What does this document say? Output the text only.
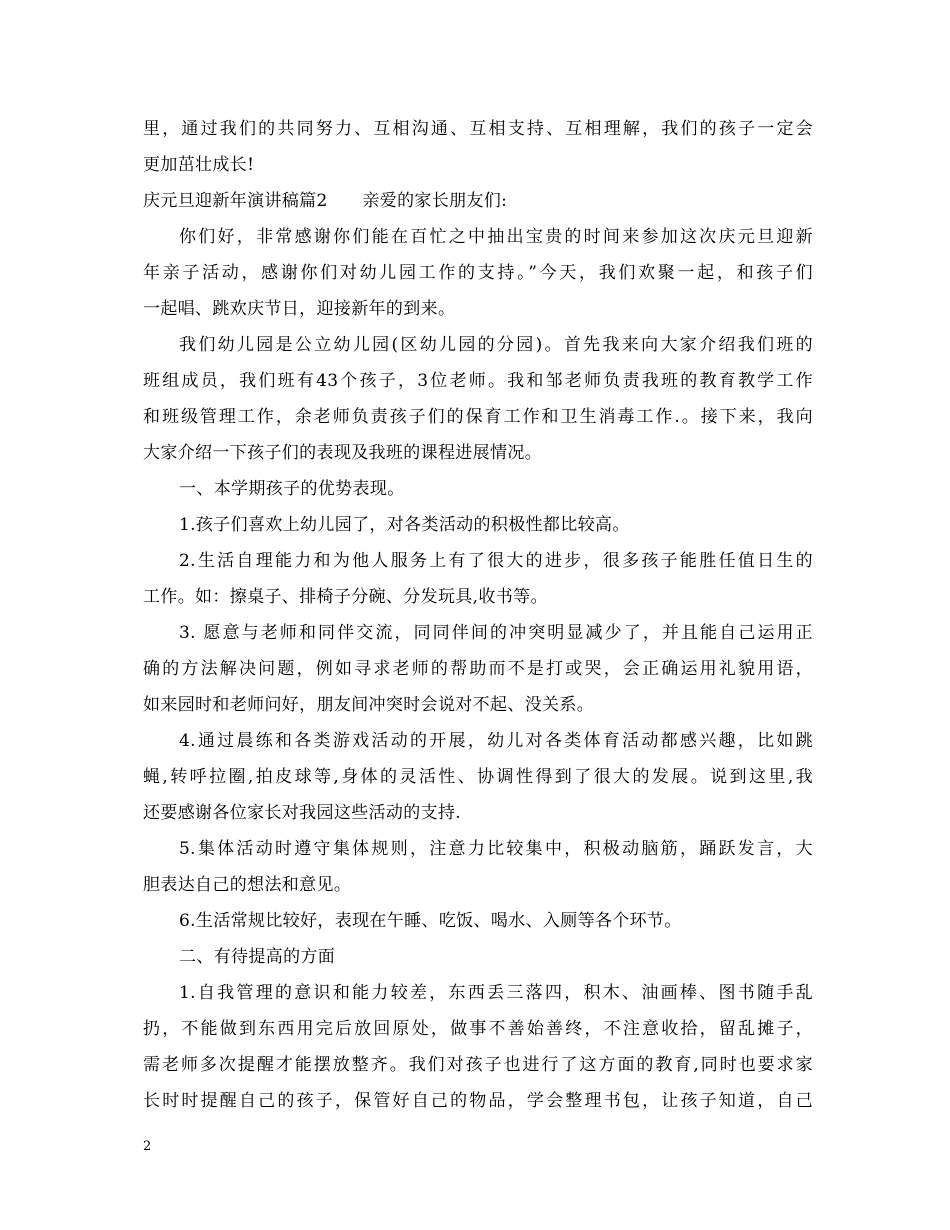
里，通过我们的共同努力、互相沟通、互相支持、互相理解，我们的孩子一定会
更加茁壮成长!
庆元旦迎新年演讲稿篇2　　亲爱的家长朋友们:
你们好，非常感谢你们能在百忙之中抽出宝贵的时间来参加这次庆元旦迎新
年亲子活动，感谢你们对幼儿园工作的支持。”今天，我们欢聚一起，和孩子们
一起唱、跳欢庆节日，迎接新年的到来。
我们幼儿园是公立幼儿园(区幼儿园的分园)。首先我来向大家介绍我们班的
班组成员，我们班有43个孩子，3位老师。我和邹老师负责我班的教育教学工作
和班级管理工作，余老师负责孩子们的保育工作和卫生消毒工作.。接下来，我向
大家介绍一下孩子们的表现及我班的课程进展情况。
一、本学期孩子的优势表现。
1.孩子们喜欢上幼儿园了，对各类活动的积极性都比较高。
2.生活自理能力和为他人服务上有了很大的进步，很多孩子能胜任值日生的
工作。如：擦桌子、排椅子分碗、分发玩具,收书等。
3. 愿意与老师和同伴交流，同同伴间的冲突明显减少了，并且能自己运用正
确的方法解决问题，例如寻求老师的帮助而不是打或哭，会正确运用礼貌用语，
如来园时和老师问好，朋友间冲突时会说对不起、没关系。
4.通过晨练和各类游戏活动的开展，幼儿对各类体育活动都感兴趣，比如跳
蝇,转呼拉圈,拍皮球等,身体的灵活性、协调性得到了很大的发展。说到这里,我
还要感谢各位家长对我园这些活动的支持.
5.集体活动时遵守集体规则，注意力比较集中，积极动脑筋，踊跃发言，大
胆表达自己的想法和意见。
6.生活常规比较好，表现在午睡、吃饭、喝水、入厕等各个环节。
二、有待提高的方面
1.自我管理的意识和能力较差，东西丢三落四，积木、油画棒、图书随手乱
扔，不能做到东西用完后放回原处，做事不善始善终，不注意收拾，留乱摊子，
需老师多次提醒才能摆放整齐。我们对孩子也进行了这方面的教育,同时也要求家
长时时提醒自己的孩子，保管好自己的物品，学会整理书包，让孩子知道，自己
2
